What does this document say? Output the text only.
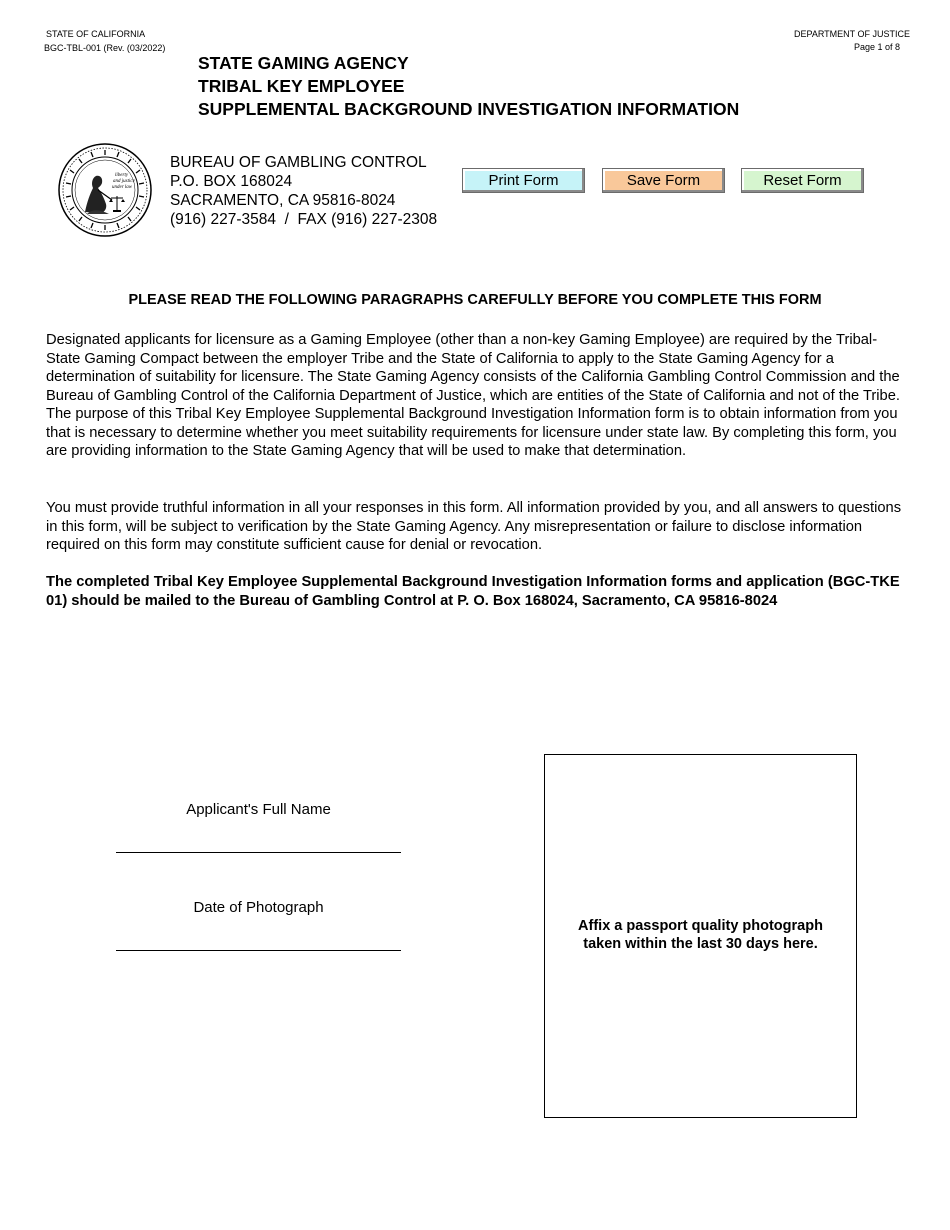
STATE OF CALIFORNIA
BGC-TBL-001 (Rev. (03/2022)
DEPARTMENT OF JUSTICE
Page 1 of 8
STATE GAMING AGENCY
TRIBAL KEY EMPLOYEE
SUPPLEMENTAL BACKGROUND INVESTIGATION INFORMATION
liberty
and justice
under law
BUREAU OF GAMBLING CONTROL
P.O. BOX 168024
SACRAMENTO, CA 95816-8024
(916) 227-3584  /  FAX (916) 227-2308
Print Form	Save Form	Reset Form
PLEASE READ THE FOLLOWING PARAGRAPHS CAREFULLY BEFORE YOU COMPLETE THIS FORM
Designated applicants for licensure as a Gaming Employee (other than a non-key Gaming Employee) are required by the Tribal-State Gaming Compact between the employer Tribe and the State of California to apply to the State Gaming Agency for a determination of suitability for licensure. The State Gaming Agency consists of the California Gambling Control Commission and the Bureau of Gambling Control of the California Department of Justice, which are entities of the State of California and not of the Tribe. The purpose of this Tribal Key Employee Supplemental Background Investigation Information form is to obtain information from you that is necessary to determine whether you meet suitability requirements for licensure under state law. By completing this form, you are providing information to the State Gaming Agency that will be used to make that determination.
You must provide truthful information in all your responses in this form. All information provided by you, and all answers to questions in this form, will be subject to verification by the State Gaming Agency. Any misrepresentation or failure to disclose information required on this form may constitute sufficient cause for denial or revocation.
The completed Tribal Key Employee Supplemental Background Investigation Information forms and application (BGC-TKE 01) should be mailed to the Bureau of Gambling Control at P. O. Box 168024, Sacramento, CA 95816-8024
Applicant's Full Name
Date of Photograph
Affix a passport quality photograph
taken within the last 30 days here.
